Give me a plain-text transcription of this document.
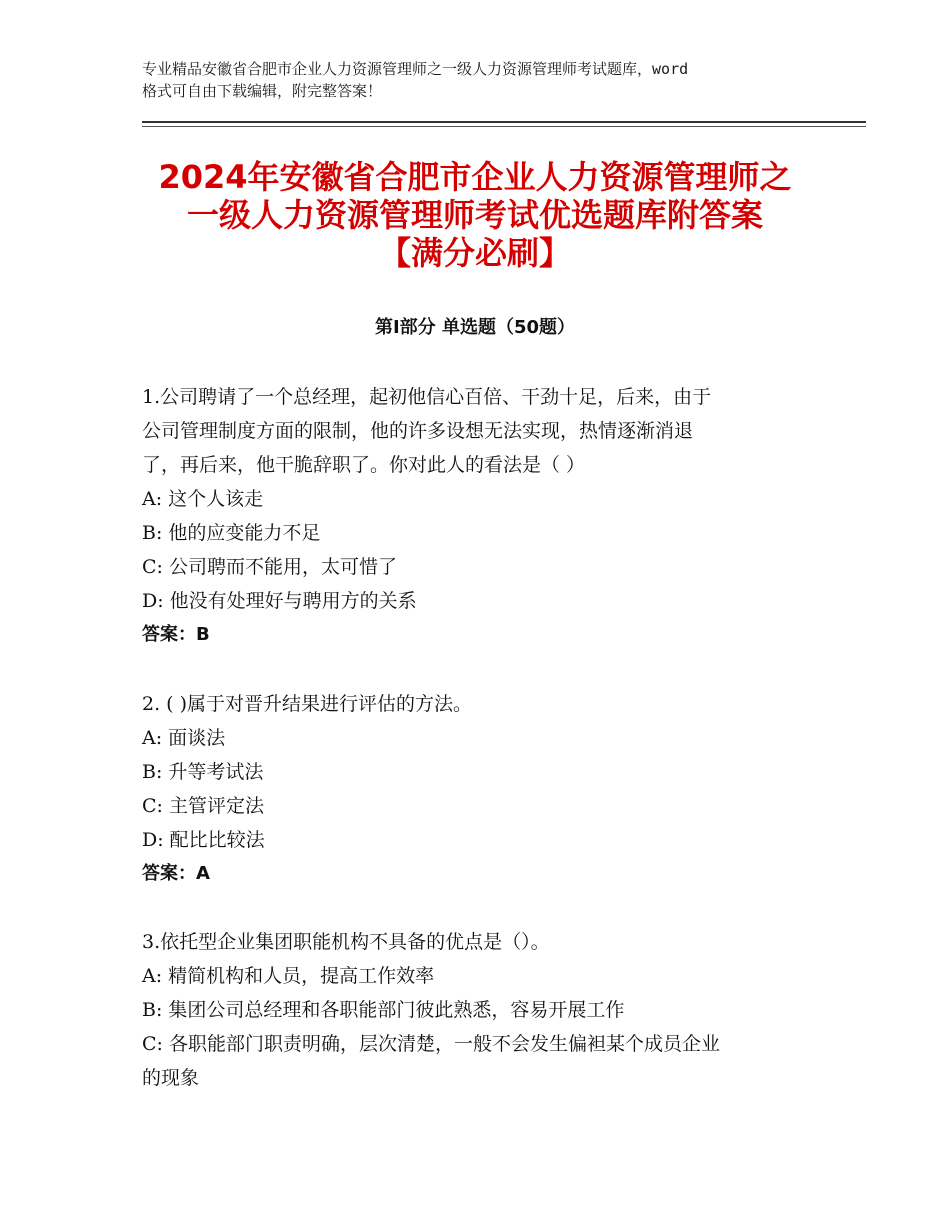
专业精品安徽省合肥市企业人力资源管理师之一级人力资源管理师考试题库，word
格式可自由下载编辑，附完整答案！
2024年安徽省合肥市企业人力资源管理师之
一级人力资源管理师考试优选题库附答案
【满分必刷】
第Ⅰ部分 单选题（50题）
1.公司聘请了一个总经理，起初他信心百倍、干劲十足，后来，由于
公司管理制度方面的限制，他的许多设想无法实现，热情逐渐消退
了，再后来，他干脆辞职了。你对此人的看法是（ ）
A: 这个人该走
B: 他的应变能力不足
C: 公司聘而不能用，太可惜了
D: 他没有处理好与聘用方的关系
答案：B
2. ( )属于对晋升结果进行评估的方法。
A: 面谈法
B: 升等考试法
C: 主管评定法
D: 配比比较法
答案：A
3.依托型企业集团职能机构不具备的优点是（）。
A: 精简机构和人员，提高工作效率
B: 集团公司总经理和各职能部门彼此熟悉，容易开展工作
C: 各职能部门职责明确，层次清楚，一般不会发生偏袒某个成员企业
的现象
